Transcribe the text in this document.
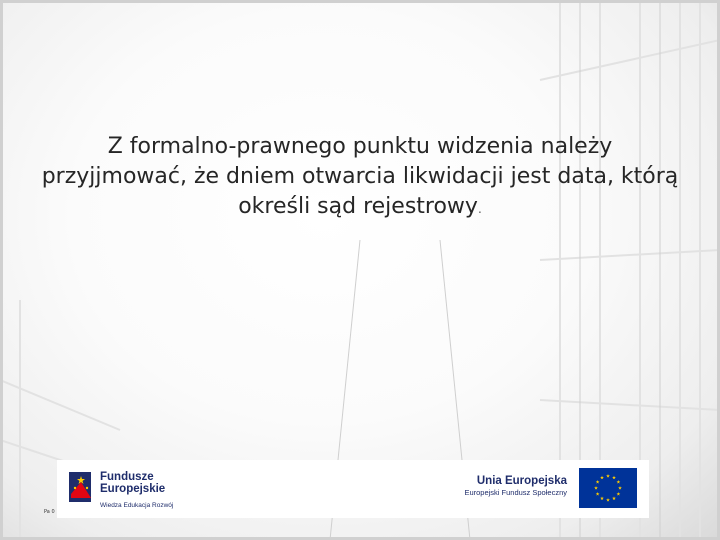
Z formalno-prawnego punktu widzenia należy przyjjmować, że dniem otwarcia likwidacji jest data, którą określi sąd rejestrowy.
Fundusze
Europejskie
Wiedza Edukacja Rozwój
Unia Europejska
Europejski Fundusz Społeczny
Pa 0
